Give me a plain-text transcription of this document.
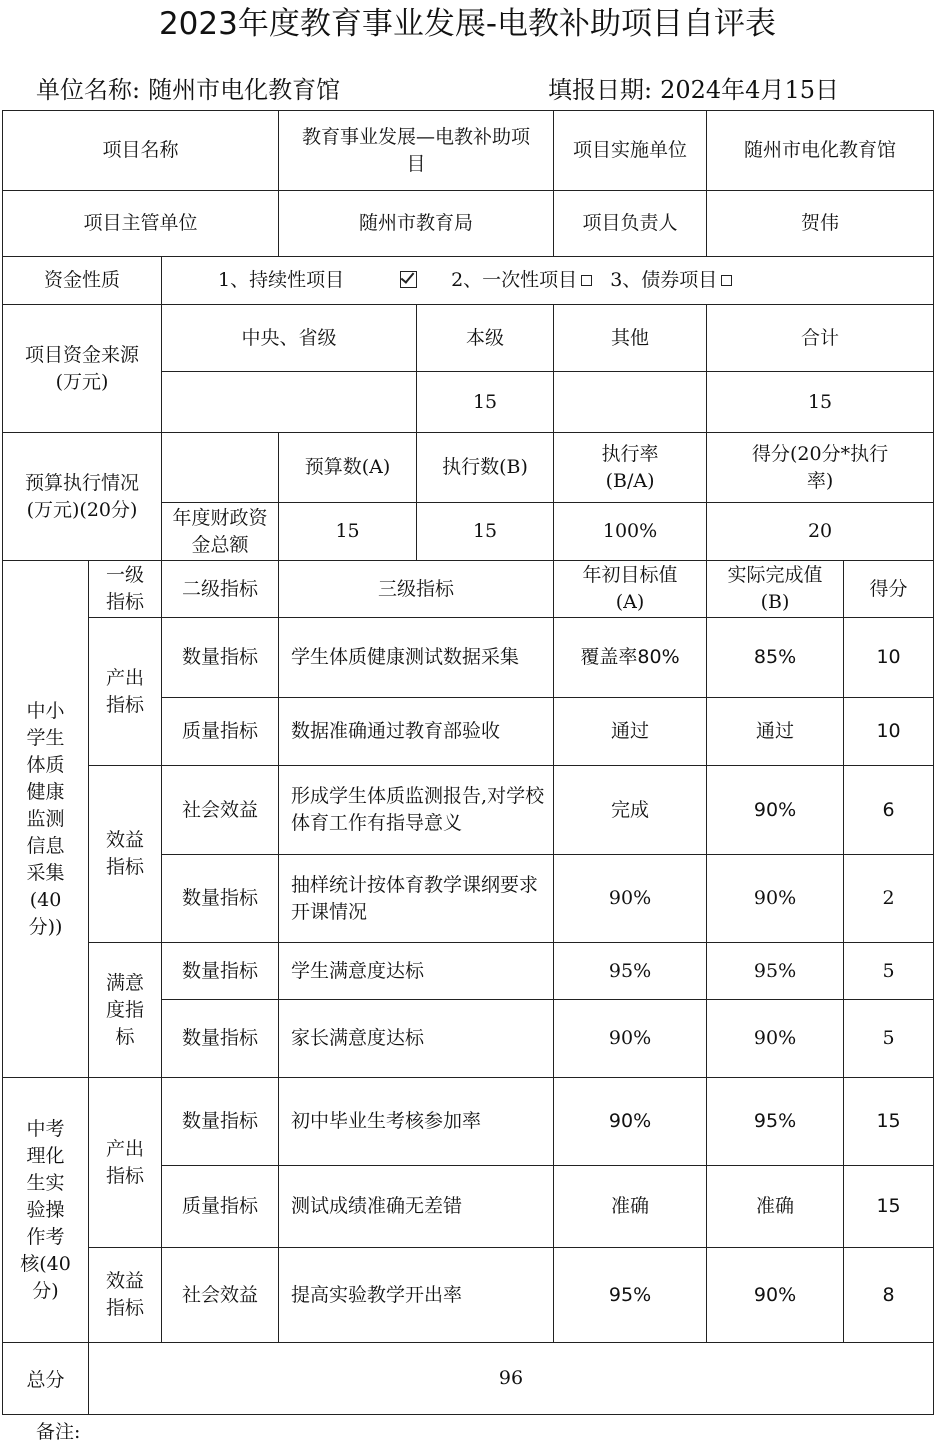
2023年度教育事业发展-电教补助项目自评表
单位名称: 随州市电化教育馆	填报日期: 2024年4月15日
项目名称			教育事业发展—电教补助项目		项目实施单位	随州市电化教育馆	
项目主管单位			随州市教育局		项目负责人	贺伟	
资金性质		1、持续性项目 2、一次性项目 3、债券项目					
项目资金来源(万元)		中央、省级		本级	其他	合计	
				15		15	
预算执行情况(万元)(20分)			预算数(A)	执行数(B)	执行率(B/A)	得分(20分*执行率)	
		年度财政资金总额	15	15	100%	20	
中小学生体质健康监测信息采集(40分))	一级指标	二级指标	三级指标		年初目标值(A)	实际完成值(B)	得分
	产出指标	数量指标	学生体质健康测试数据采集		覆盖率80%	85%	10
		质量指标	数据准确通过教育部验收		通过	通过	10
	效益指标	社会效益	形成学生体质监测报告,对学校体育工作有指导意义		完成	90%	6
		数量指标	抽样统计按体育教学课纲要求开课情况		90%	90%	2
	满意度指标	数量指标	学生满意度达标		95%	95%	5
		数量指标	家长满意度达标		90%	90%	5
中考理化生实验操作考核(40分)	产出指标	数量指标	初中毕业生考核参加率		90%	95%	15
		质量指标	测试成绩准确无差错		准确	准确	15
	效益指标	社会效益	提高实验教学开出率		95%	90%	8
总分	96
备注:
